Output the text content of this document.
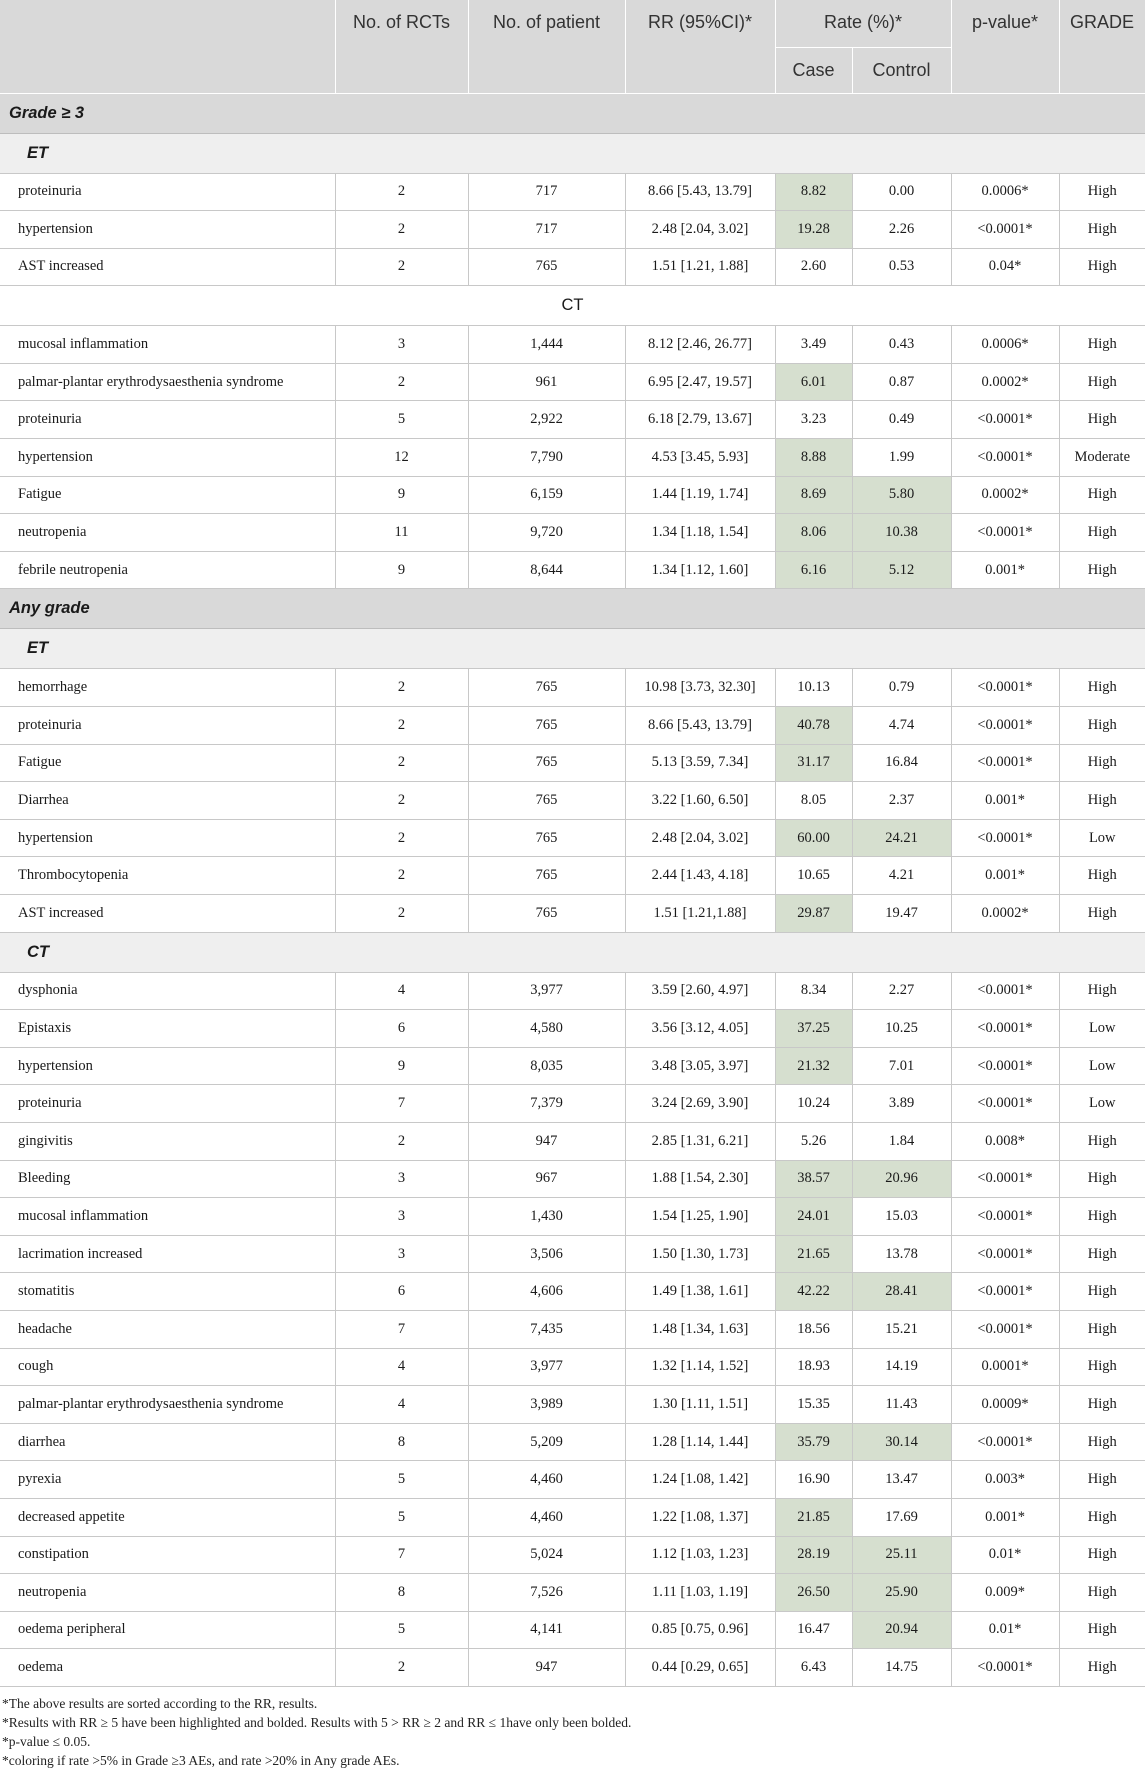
	No. of RCTs	No. of patient	RR (95%CI)*	Rate (%)*		p-value*	GRADE
				Case	Control		
Grade ≥ 3							
ET							
proteinuria	2	717	8.66 [5.43, 13.79]	8.82	0.00	0.0006*	High
hypertension	2	717	2.48 [2.04, 3.02]	19.28	2.26	<0.0001*	High
AST increased	2	765	1.51 [1.21, 1.88]	2.60	0.53	0.04*	High
CT							
mucosal inflammation	3	1,444	8.12 [2.46, 26.77]	3.49	0.43	0.0006*	High
palmar-plantar erythrodysaesthenia syndrome	2	961	6.95 [2.47, 19.57]	6.01	0.87	0.0002*	High
proteinuria	5	2,922	6.18 [2.79, 13.67]	3.23	0.49	<0.0001*	High
hypertension	12	7,790	4.53 [3.45, 5.93]	8.88	1.99	<0.0001*	Moderate
Fatigue	9	6,159	1.44 [1.19, 1.74]	8.69	5.80	0.0002*	High
neutropenia	11	9,720	1.34 [1.18, 1.54]	8.06	10.38	<0.0001*	High
febrile neutropenia	9	8,644	1.34 [1.12, 1.60]	6.16	5.12	0.001*	High
Any grade							
ET							
hemorrhage	2	765	10.98 [3.73, 32.30]	10.13	0.79	<0.0001*	High
proteinuria	2	765	8.66 [5.43, 13.79]	40.78	4.74	<0.0001*	High
Fatigue	2	765	5.13 [3.59, 7.34]	31.17	16.84	<0.0001*	High
Diarrhea	2	765	3.22 [1.60, 6.50]	8.05	2.37	0.001*	High
hypertension	2	765	2.48 [2.04, 3.02]	60.00	24.21	<0.0001*	Low
Thrombocytopenia	2	765	2.44 [1.43, 4.18]	10.65	4.21	0.001*	High
AST increased	2	765	1.51 [1.21,1.88]	29.87	19.47	0.0002*	High
CT							
dysphonia	4	3,977	3.59 [2.60, 4.97]	8.34	2.27	<0.0001*	High
Epistaxis	6	4,580	3.56 [3.12, 4.05]	37.25	10.25	<0.0001*	Low
hypertension	9	8,035	3.48 [3.05, 3.97]	21.32	7.01	<0.0001*	Low
proteinuria	7	7,379	3.24 [2.69, 3.90]	10.24	3.89	<0.0001*	Low
gingivitis	2	947	2.85 [1.31, 6.21]	5.26	1.84	0.008*	High
Bleeding	3	967	1.88 [1.54, 2.30]	38.57	20.96	<0.0001*	High
mucosal inflammation	3	1,430	1.54 [1.25, 1.90]	24.01	15.03	<0.0001*	High
lacrimation increased	3	3,506	1.50 [1.30, 1.73]	21.65	13.78	<0.0001*	High
stomatitis	6	4,606	1.49 [1.38, 1.61]	42.22	28.41	<0.0001*	High
headache	7	7,435	1.48 [1.34, 1.63]	18.56	15.21	<0.0001*	High
cough	4	3,977	1.32 [1.14, 1.52]	18.93	14.19	0.0001*	High
palmar-plantar erythrodysaesthenia syndrome	4	3,989	1.30 [1.11, 1.51]	15.35	11.43	0.0009*	High
diarrhea	8	5,209	1.28 [1.14, 1.44]	35.79	30.14	<0.0001*	High
pyrexia	5	4,460	1.24 [1.08, 1.42]	16.90	13.47	0.003*	High
decreased appetite	5	4,460	1.22 [1.08, 1.37]	21.85	17.69	0.001*	High
constipation	7	5,024	1.12 [1.03, 1.23]	28.19	25.11	0.01*	High
neutropenia	8	7,526	1.11 [1.03, 1.19]	26.50	25.90	0.009*	High
oedema peripheral	5	4,141	0.85 [0.75, 0.96]	16.47	20.94	0.01*	High
oedema	2	947	0.44 [0.29, 0.65]	6.43	14.75	<0.0001*	High
*The above results are sorted according to the RR, results.
*Results with RR ≥ 5 have been highlighted and bolded. Results with 5 > RR ≥ 2 and RR ≤ 1have only been bolded.
*p-value ≤ 0.05.
*coloring if rate >5% in Grade ≥3 AEs, and rate >20% in Any grade AEs.
